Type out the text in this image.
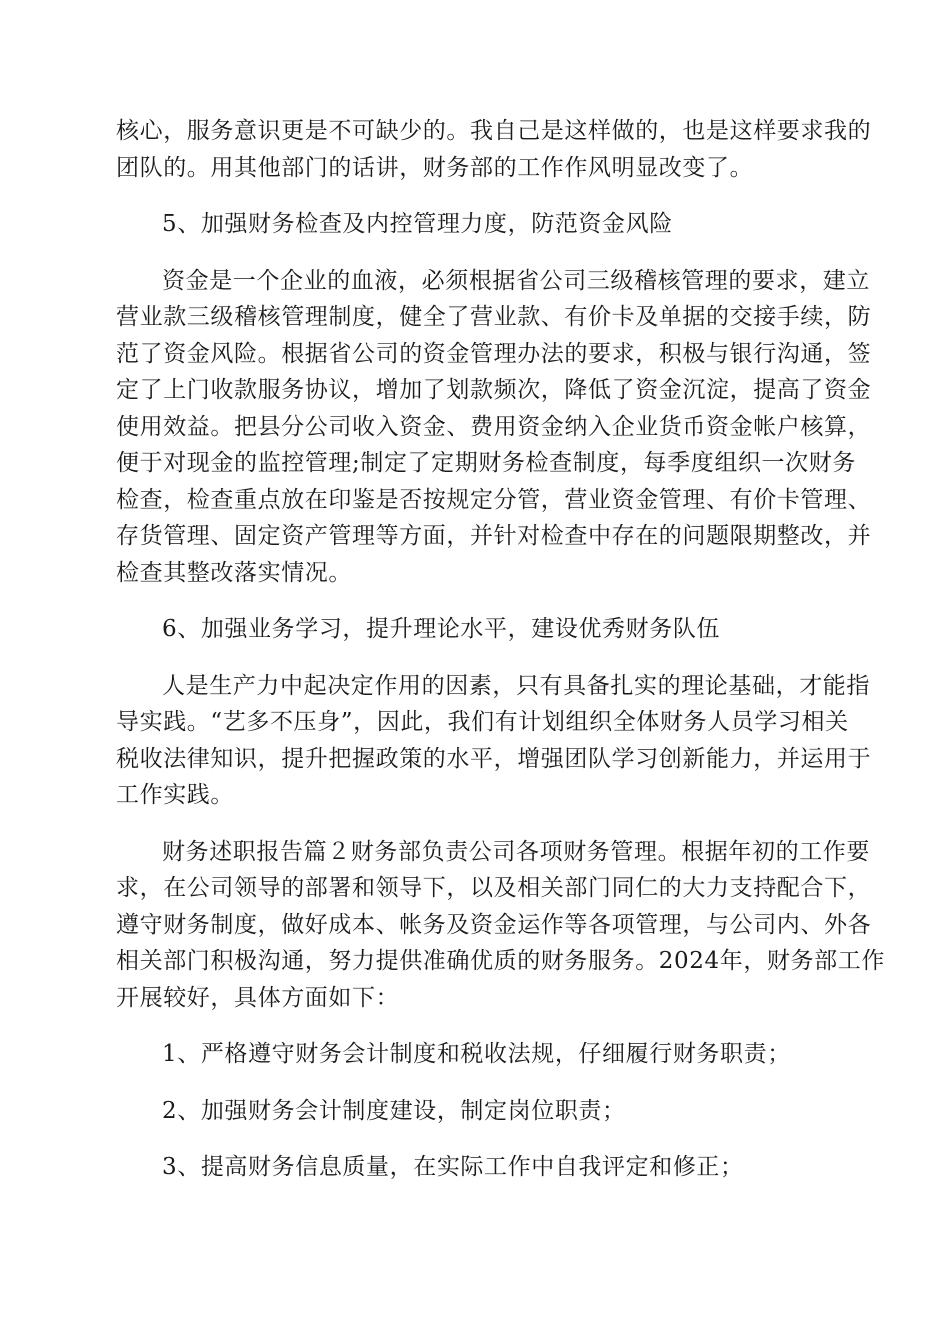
核心，服务意识更是不可缺少的。我自己是这样做的，也是这样要求我的
团队的。用其他部门的话讲，财务部的工作作风明显改变了。

5、加强财务检查及内控管理力度，防范资金风险

资金是一个企业的血液，必须根据省公司三级稽核管理的要求，建立
营业款三级稽核管理制度，健全了营业款、有价卡及单据的交接手续，防
范了资金风险。根据省公司的资金管理办法的要求，积极与银行沟通，签
定了上门收款服务协议，增加了划款频次，降低了资金沉淀，提高了资金
使用效益。把县分公司收入资金、费用资金纳入企业货币资金帐户核算，
便于对现金的监控管理;制定了定期财务检查制度，每季度组织一次财务
检查，检查重点放在印鉴是否按规定分管，营业资金管理、有价卡管理、
存货管理、固定资产管理等方面，并针对检查中存在的问题限期整改，并
检查其整改落实情况。

6、加强业务学习，提升理论水平，建设优秀财务队伍

人是生产力中起决定作用的因素，只有具备扎实的理论基础，才能指
导实践。“艺多不压身”，因此，我们有计划组织全体财务人员学习相关
税收法律知识，提升把握政策的水平，增强团队学习创新能力，并运用于
工作实践。

财务述职报告篇２财务部负责公司各项财务管理。根据年初的工作要
求，在公司领导的部署和领导下，以及相关部门同仁的大力支持配合下，
遵守财务制度，做好成本、帐务及资金运作等各项管理，与公司内、外各
相关部门积极沟通，努力提供准确优质的财务服务。2024年，财务部工作
开展较好，具体方面如下：

1、严格遵守财务会计制度和税收法规，仔细履行财务职责；
2、加强财务会计制度建设，制定岗位职责；
3、提高财务信息质量，在实际工作中自我评定和修正；
